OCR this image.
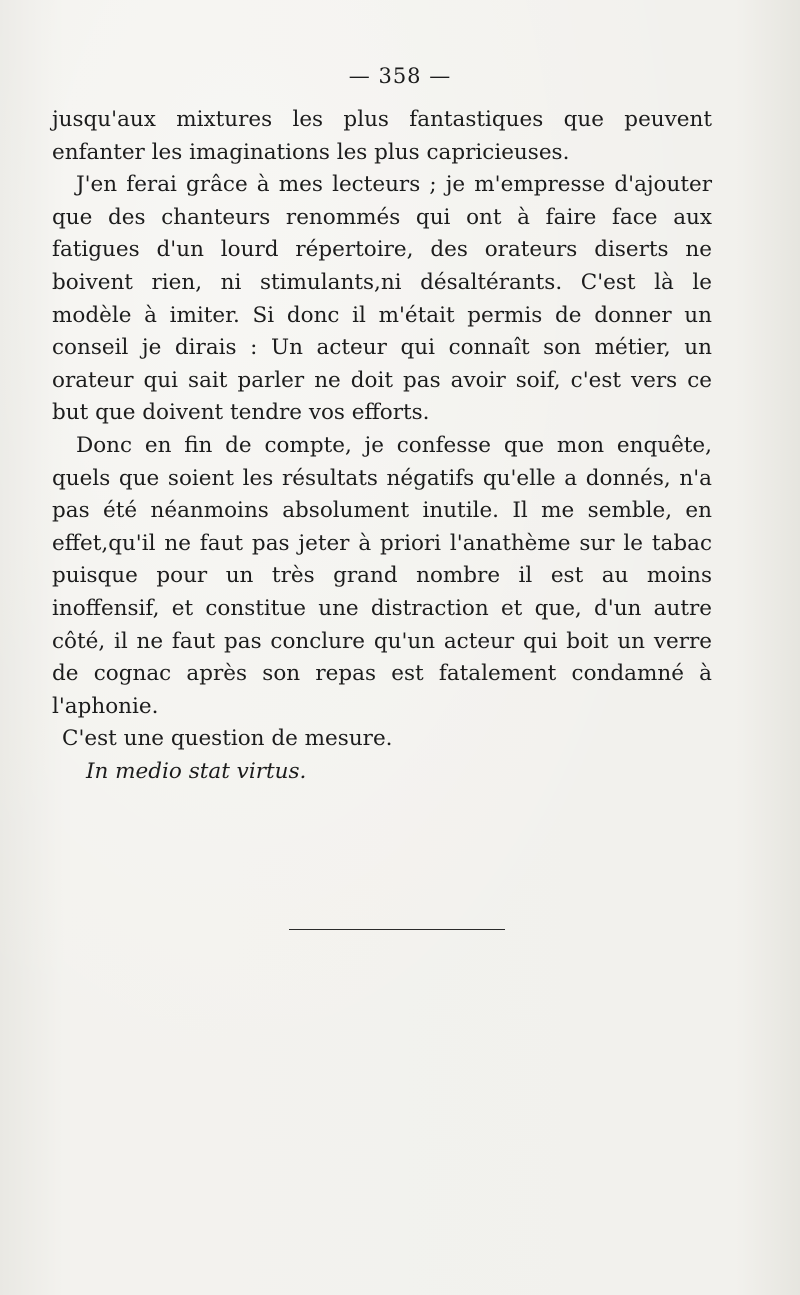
— 358 —

jusqu'aux mixtures les plus fantastiques que peuvent enfanter les imaginations les plus capricieuses.

J'en ferai grâce à mes lecteurs ; je m'empresse d'ajouter que des chanteurs renommés qui ont à faire face aux fatigues d'un lourd répertoire, des orateurs diserts ne boivent rien, ni stimulants,ni désaltérants. C'est là le modèle à imiter. Si donc il m'était permis de donner un conseil je dirais : Un acteur qui connaît son métier, un orateur qui sait parler ne doit pas avoir soif, c'est vers ce but que doivent tendre vos efforts.

Donc en fin de compte, je confesse que mon enquête, quels que soient les résultats négatifs qu'elle a donnés, n'a pas été néanmoins absolument inutile. Il me semble, en effet,qu'il ne faut pas jeter à priori l'anathème sur le tabac puisque pour un très grand nombre il est au moins inoffensif, et constitue une distraction et que, d'un autre côté, il ne faut pas conclure qu'un acteur qui boit un verre de cognac après son repas est fatalement condamné à l'aphonie.

C'est une question de mesure.

In medio stat virtus.
